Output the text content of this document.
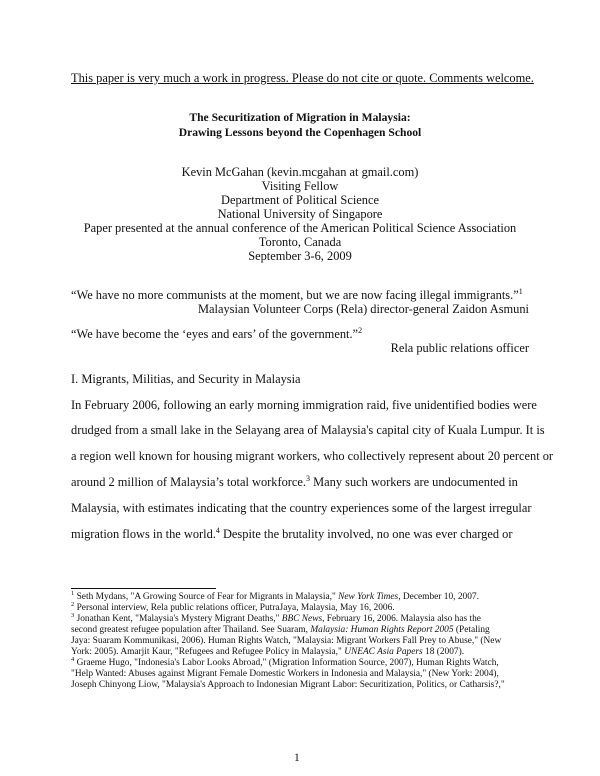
This paper is very much a work in progress. Please do not cite or quote. Comments welcome.
The Securitization of Migration in Malaysia:
Drawing Lessons beyond the Copenhagen School
Kevin McGahan (kevin.mcgahan at gmail.com)
Visiting Fellow
Department of Political Science
National University of Singapore
Paper presented at the annual conference of the American Political Science Association
Toronto, Canada
September 3-6, 2009
“We have no more communists at the moment, but we are now facing illegal immigrants.”$^1$
Malaysian Volunteer Corps (Rela) director-general Zaidon Asmuni
“We have become the ‘eyes and ears’ of the government.”$^2$
Rela public relations officer
I. Migrants, Militias, and Security in Malaysia
In February 2006, following an early morning immigration raid, five unidentified bodies were
drudged from a small lake in the Selayang area of Malaysia's capital city of Kuala Lumpur. It is
a region well known for housing migrant workers, who collectively represent about 20 percent or
around 2 million of Malaysia’s total workforce.$^3$ Many such workers are undocumented in
Malaysia, with estimates indicating that the country experiences some of the largest irregular
migration flows in the world.$^4$ Despite the brutality involved, no one was ever charged or
$^1$ Seth Mydans, "A Growing Source of Fear for Migrants in Malaysia," New York Times, December 10, 2007.
$^2$ Personal interview, Rela public relations officer, PutraJaya, Malaysia, May 16, 2006.
$^3$ Jonathan Kent, "Malaysia's Mystery Migrant Deaths," BBC News, February 16, 2006. Malaysia also has the
second greatest refugee population after Thailand. See Suaram, Malaysia: Human Rights Report 2005 (Petaling
Jaya: Suaram Kommunikasi, 2006). Human Rights Watch, "Malaysia: Migrant Workers Fall Prey to Abuse," (New
York: 2005). Amarjit Kaur, "Refugees and Refugee Policy in Malaysia," UNEAC Asia Papers 18 (2007).
$^4$ Graeme Hugo, "Indonesia's Labor Looks Abroad," (Migration Information Source, 2007), Human Rights Watch,
"Help Wanted: Abuses against Migrant Female Domestic Workers in Indonesia and Malaysia," (New York: 2004),
Joseph Chinyong Liow, "Malaysia's Approach to Indonesian Migrant Labor: Securitization, Politics, or Catharsis?,"
1
